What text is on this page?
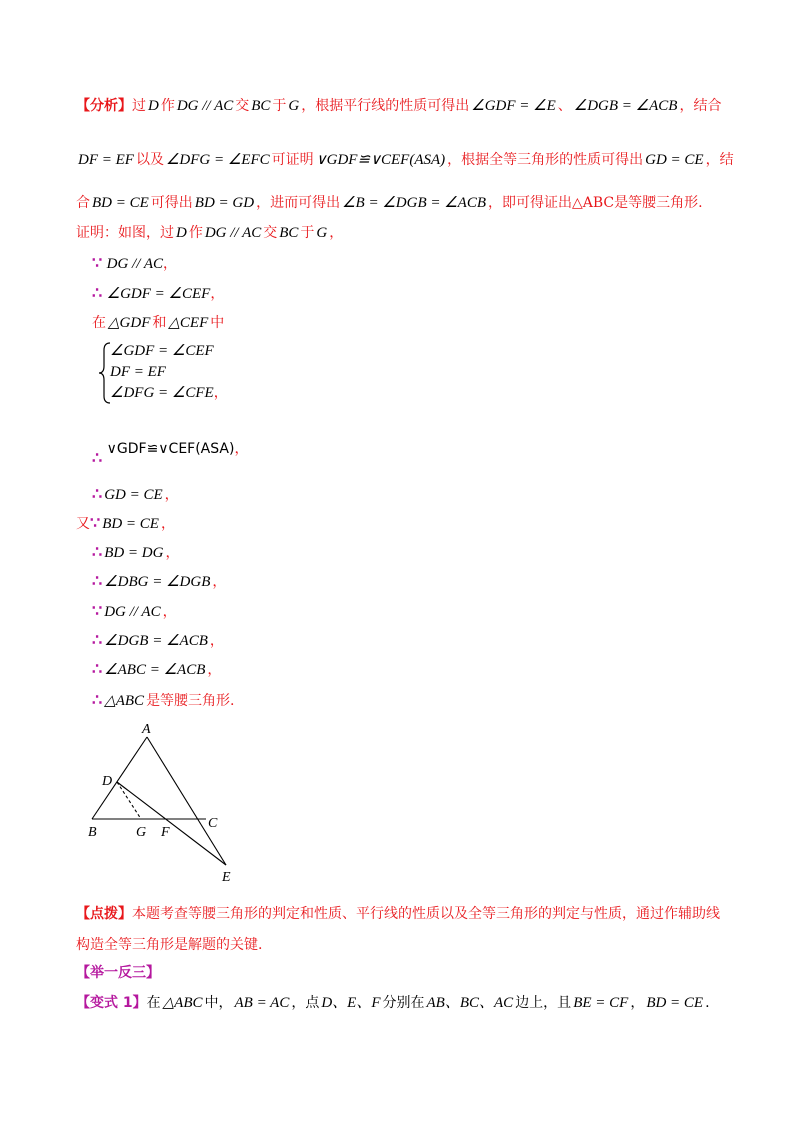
【分析】过 D 作 DG // AC 交 BC 于 G ，根据平行线的性质可得出 ∠GDF = ∠E 、 ∠DGB = ∠ACB ，结合
DF = EF 以及 ∠DFG = ∠EFC 可证明 ∨GDF≌∨CEF(ASA) ，根据全等三角形的性质可得出 GD = CE ，结
合 BD = CE 可得出 BD = GD ，进而可得出 ∠B = ∠DGB = ∠ACB ，即可得证出△ABC是等腰三角形.
证明：如图，过 D 作 DG // AC 交 BC 于 G ，
∵ DG // AC，
∴ ∠GDF = ∠CEF，
在 △GDF 和 △CEF 中
∠GDF = ∠CEF
DF = EF
∠DFG = ∠CFE，
∴ ∨GDF≌∨CEF(ASA)，
∴ GD = CE ，
又∵ BD = CE ，
∴ BD = DG ，
∴ ∠DBG = ∠DGB ，
∵ DG // AC ，
∴ ∠DGB = ∠ACB ，
∴ ∠ABC = ∠ACB ，
∴ △ABC 是等腰三角形.
A
D
B	G F
C
E
【点拨】本题考查等腰三角形的判定和性质、平行线的性质以及全等三角形的判定与性质，通过作辅助线
构造全等三角形是解题的关键.
【举一反三】
【变式 1】在 △ABC 中， AB = AC ，点 D、E、F 分别在 AB、BC、AC 边上，且 BE = CF ， BD = CE .
